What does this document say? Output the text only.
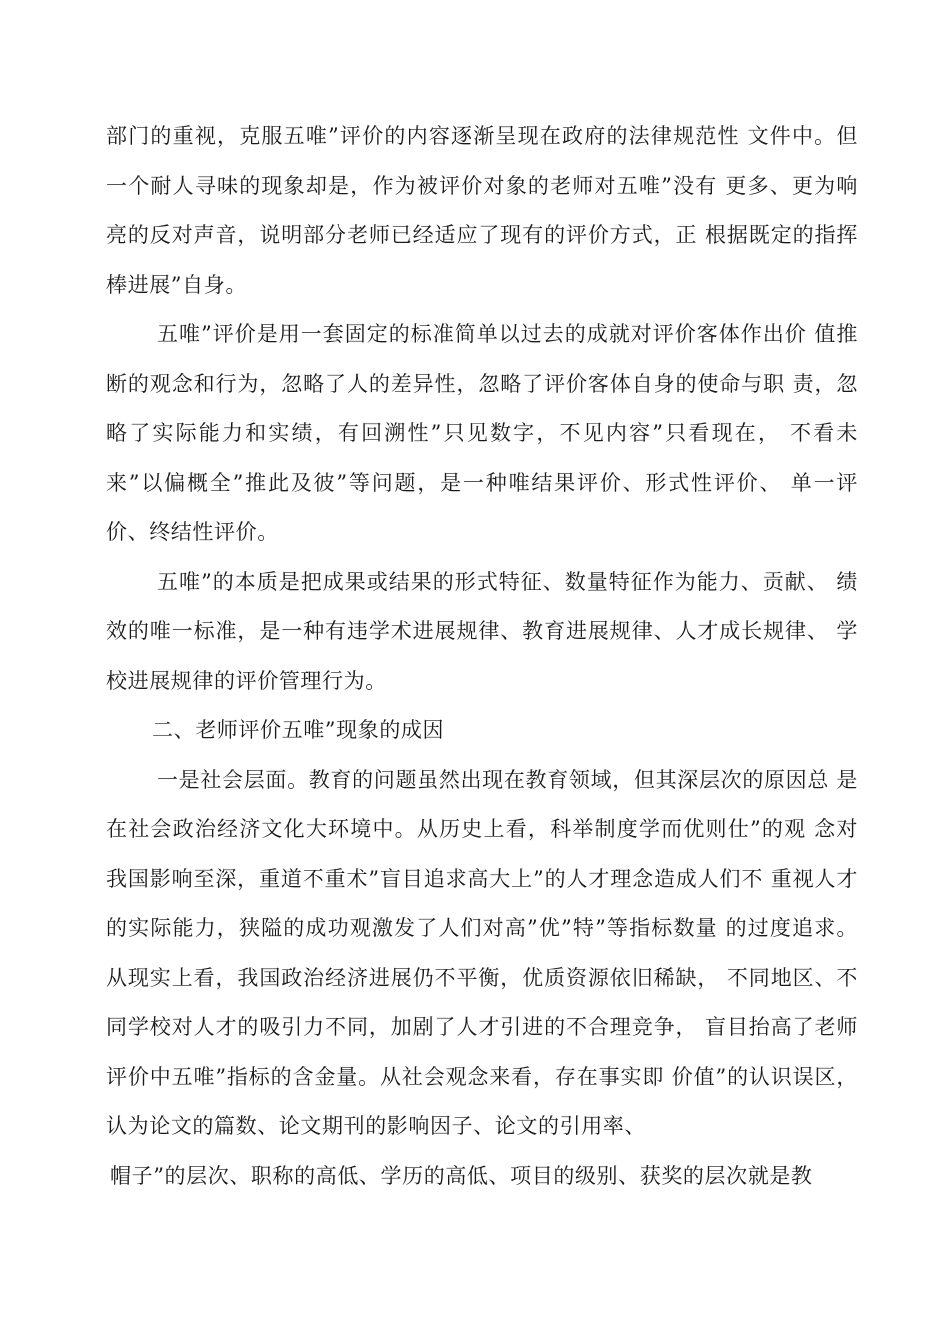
部门的重视，克服五唯”评价的内容逐渐呈现在政府的法律规范性 文件中。但一个耐人寻味的现象却是，作为被评价对象的老师对五唯”没有 更多、更为响亮的反对声音，说明部分老师已经适应了现有的评价方式，正 根据既定的指挥棒进展”自身。

五唯”评价是用一套固定的标准简单以过去的成就对评价客体作出价 值推断的观念和行为，忽略了人的差异性，忽略了评价客体自身的使命与职 责，忽略了实际能力和实绩，有回溯性”只见数字，不见内容”只看现在， 不看未来”以偏概全”推此及彼”等问题，是一种唯结果评价、形式性评价、 单一评价、终结性评价。

五唯”的本质是把成果或结果的形式特征、数量特征作为能力、贡献、 绩效的唯一标准，是一种有违学术进展规律、教育进展规律、人才成长规律、 学校进展规律的评价管理行为。

二、老师评价五唯”现象的成因

一是社会层面。教育的问题虽然出现在教育领域，但其深层次的原因总 是在社会政治经济文化大环境中。从历史上看，科举制度学而优则仕”的观 念对我国影响至深，重道不重术”盲目追求高大上”的人才理念造成人们不 重视人才的实际能力，狭隘的成功观激发了人们对高”优”特”等指标数量 的过度追求。从现实上看，我国政治经济进展仍不平衡，优质资源依旧稀缺， 不同地区、不同学校对人才的吸引力不同，加剧了人才引进的不合理竞争， 盲目抬高了老师评价中五唯”指标的含金量。从社会观念来看，存在事实即 价值”的认识误区，认为论文的篇数、论文期刊的影响因子、论文的引用率、

帽子”的层次、职称的高低、学历的高低、项目的级别、获奖的层次就是教
